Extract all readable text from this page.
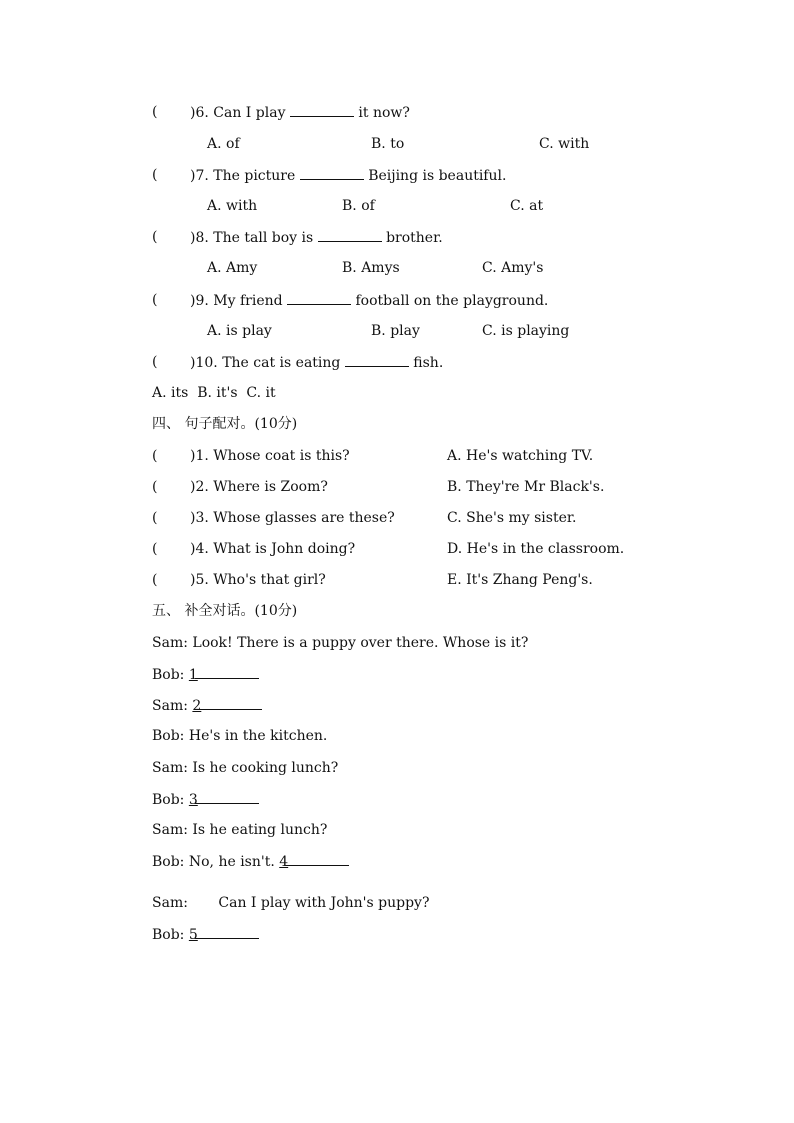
( )6. Can I play	it now?
A. of	B. to	C. with
( )7. The picture	Beijing is beautiful.
A. with	B. of	C. at
( )8. The tall boy is	brother.
A. Amy	B. Amys	C. Amy's
( )9. My friend	football on the playground.
A. is play	B. play	C. is playing
( )10. The cat is eating	fish.
A. its  B. it's  C. it
四、 句子配对。(10分)
( )1. Whose coat is this?	A. He's watching TV.
( )2. Where is Zoom?	B. They're Mr Black's.
( )3. Whose glasses are these?	C. She's my sister.
( )4. What is John doing?	D. He's in the classroom.
( )5. Who's that girl?	E. It's Zhang Peng's.
五、 补全对话。(10分)
Sam: Look! There is a puppy over there. Whose is it?
Bob: 1
Sam: 2
Bob: He's in the kitchen.
Sam: Is he cooking lunch?
Bob: 3
Sam: Is he eating lunch?
Bob: No, he isn't. 4
Sam: Can I play with John's puppy?
Bob: 5
